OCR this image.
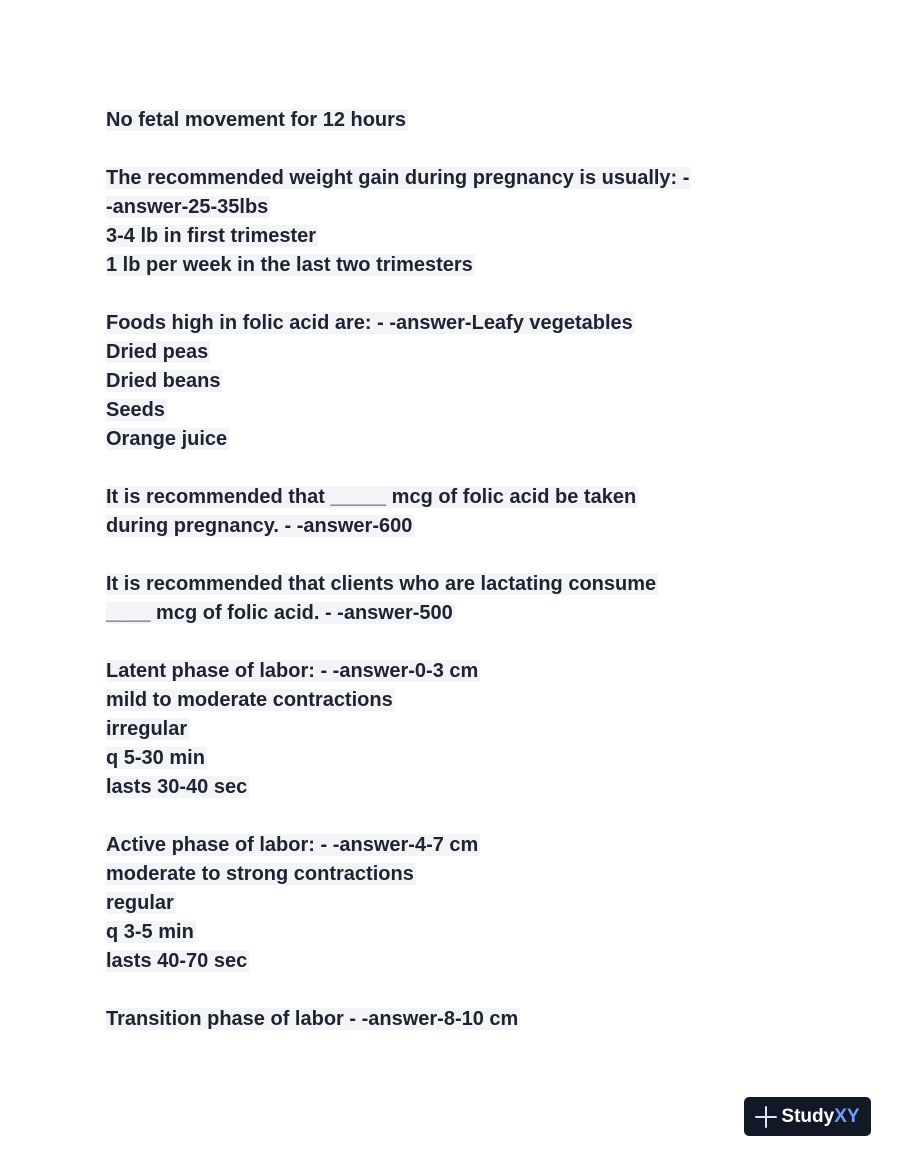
No fetal movement for 12 hours
The recommended weight gain during pregnancy is usually: -
-answer-25-35lbs
3-4 lb in first trimester
1 lb per week in the last two trimesters
Foods high in folic acid are: - -answer-Leafy vegetables
Dried peas
Dried beans
Seeds
Orange juice
It is recommended that _____ mcg of folic acid be taken
during pregnancy. - -answer-600
It is recommended that clients who are lactating consume
____ mcg of folic acid. - -answer-500
Latent phase of labor: - -answer-0-3 cm
mild to moderate contractions
irregular
q 5-30 min
lasts 30-40 sec
Active phase of labor: - -answer-4-7 cm
moderate to strong contractions
regular
q 3-5 min
lasts 40-70 sec
Transition phase of labor - -answer-8-10 cm
StudyXY
